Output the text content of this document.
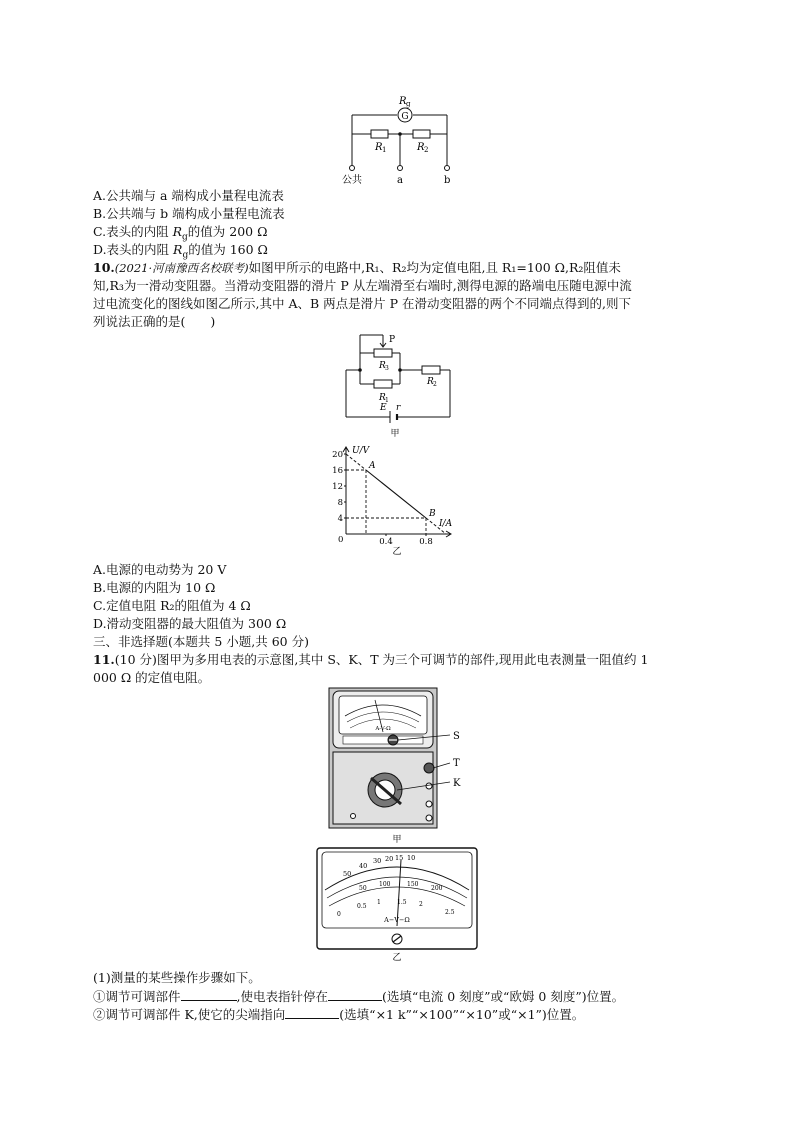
G
R g
R 1	R 2
公共	a	b
A.公共端与 a 端构成小量程电流表
B.公共端与 b 端构成小量程电流表
C.表头的内阻 $R_g$的值为 200 Ω
D.表头的内阻 $R_g$的值为 160 Ω
10.(2021·河南豫西名校联考)如图甲所示的电路中,R₁、R₂均为定值电阻,且 R₁=100 Ω,R₂阻值未
知,R₃为一滑动变阻器。当滑动变阻器的滑片 P 从左端滑至右端时,测得电源的路端电压随电源中流
过电流变化的图线如图乙所示,其中 A、B 两点是滑片 P 在滑动变阻器的两个不同端点得到的,则下
列说法正确的是(　　)
P
R 3
R 2
R 1
E r
甲
4
8
12
16
20
0.4	0.8
A
B
U/V
I/A
0
乙
A.电源的电动势为 20 V
B.电源的内阻为 10 Ω
C.定值电阻 R₂的阻值为 4 Ω
D.滑动变阻器的最大阻值为 300 Ω
三、非选择题(本题共 5 小题,共 60 分)
11.(10 分)图甲为多用电表的示意图,其中 S、K、T 为三个可调节的部件,现用此电表测量一阻值约 1
000 Ω 的定值电阻。
A-V-Ω
S
T
K
甲
50
40
30 20 15 10
50
100	150
200
0
0.5
1	1.5 2
2.5
A−V−Ω
乙
(1)测量的某些操作步骤如下。
①调节可调部件	,使电表指针停在	(选填“电流 0 刻度”或“欧姆 0 刻度”)位置。
②调节可调部件 K,使它的尖端指向	(选填“×1 k”“×100”“×10”或“×1”)位置。
